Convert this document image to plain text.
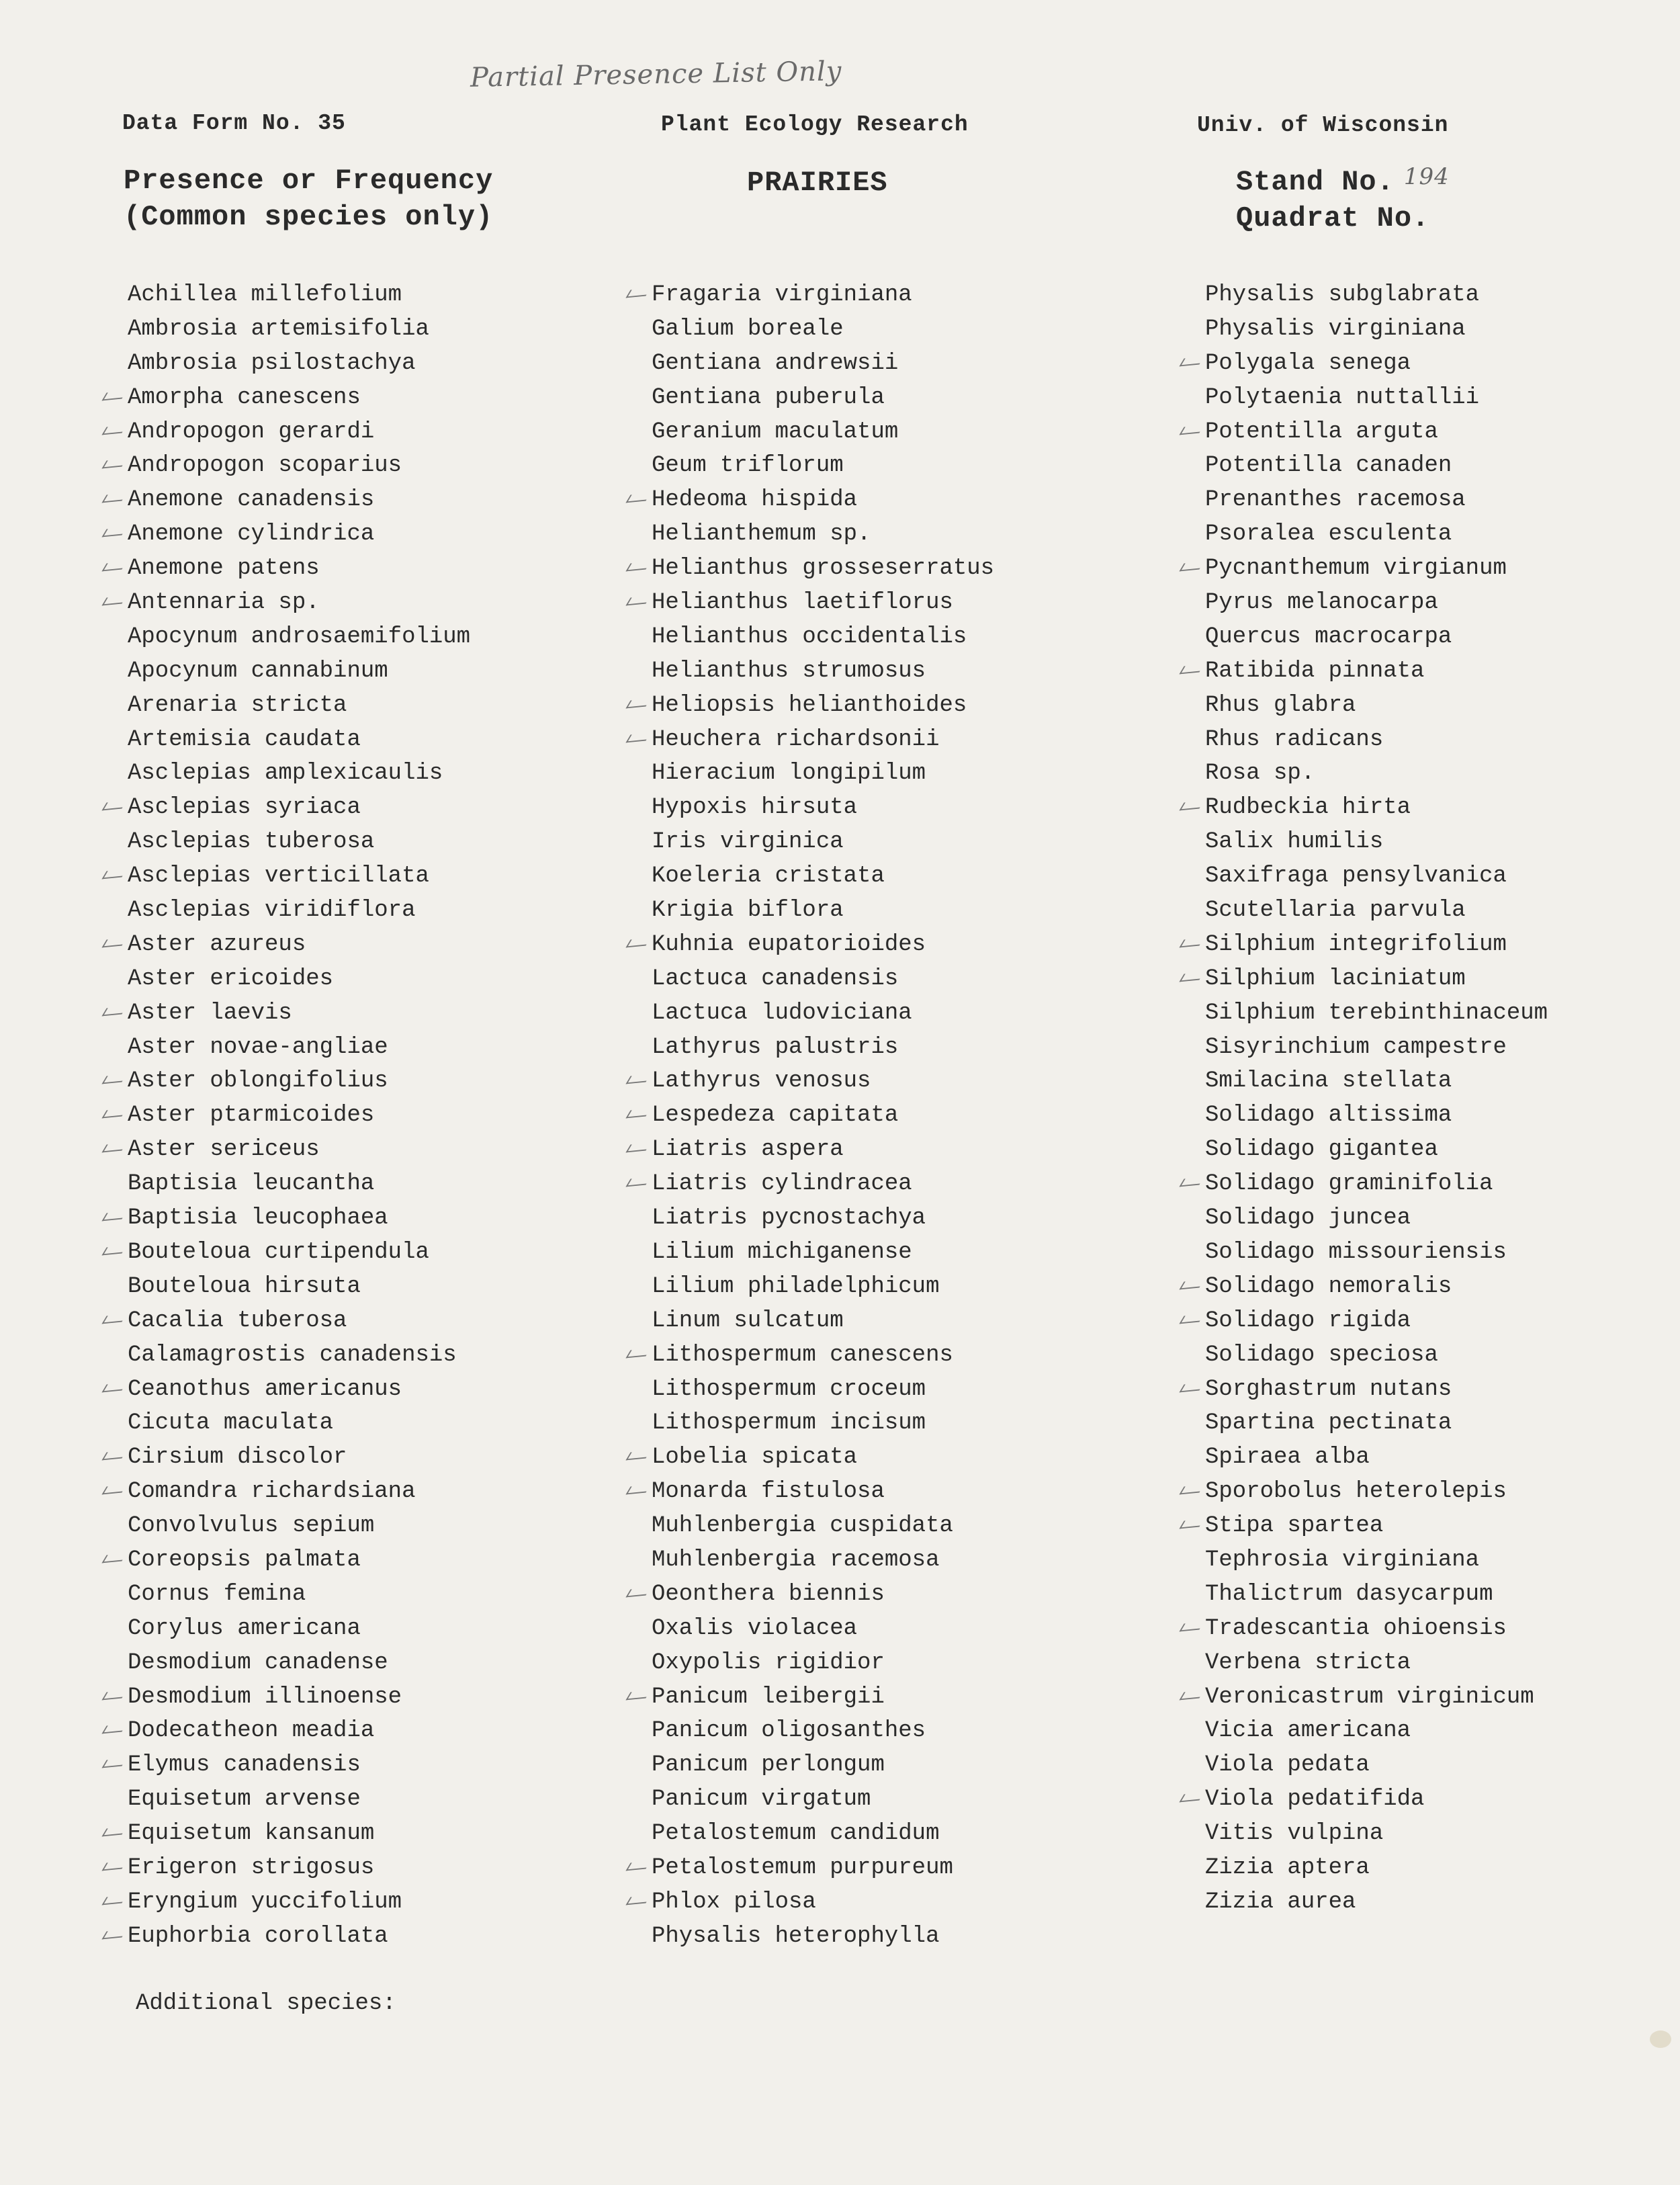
Partial Presence List Only
Data Form No. 35	Plant Ecology Research	Univ. of Wisconsin
Presence or Frequency
(Common species only)
PRAIRIES	Stand No. 194
Quadrat No.
Achillea millefolium
Ambrosia artemisifolia
Ambrosia psilostachya
Amorpha canescens
Andropogon gerardi
Andropogon scoparius
Anemone canadensis
Anemone cylindrica
Anemone patens
Antennaria sp.
Apocynum androsaemifolium
Apocynum cannabinum
Arenaria stricta
Artemisia caudata
Asclepias amplexicaulis
Asclepias syriaca
Asclepias tuberosa
Asclepias verticillata
Asclepias viridiflora
Aster azureus
Aster ericoides
Aster laevis
Aster novae-angliae
Aster oblongifolius
Aster ptarmicoides
Aster sericeus
Baptisia leucantha
Baptisia leucophaea
Bouteloua curtipendula
Bouteloua hirsuta
Cacalia tuberosa
Calamagrostis canadensis
Ceanothus americanus
Cicuta maculata
Cirsium discolor
Comandra richardsiana
Convolvulus sepium
Coreopsis palmata
Cornus femina
Corylus americana
Desmodium canadense
Desmodium illinoense
Dodecatheon meadia
Elymus canadensis
Equisetum arvense
Equisetum kansanum
Erigeron strigosus
Eryngium yuccifolium
Euphorbia corollata
Fragaria virginiana
Galium boreale
Gentiana andrewsii
Gentiana puberula
Geranium maculatum
Geum triflorum
Hedeoma hispida
Helianthemum sp.
Helianthus grosseserratus
Helianthus laetiflorus
Helianthus occidentalis
Helianthus strumosus
Heliopsis helianthoides
Heuchera richardsonii
Hieracium longipilum
Hypoxis hirsuta
Iris virginica
Koeleria cristata
Krigia biflora
Kuhnia eupatorioides
Lactuca canadensis
Lactuca ludoviciana
Lathyrus palustris
Lathyrus venosus
Lespedeza capitata
Liatris aspera
Liatris cylindracea
Liatris pycnostachya
Lilium michiganense
Lilium philadelphicum
Linum sulcatum
Lithospermum canescens
Lithospermum croceum
Lithospermum incisum
Lobelia spicata
Monarda fistulosa
Muhlenbergia cuspidata
Muhlenbergia racemosa
Oeonthera biennis
Oxalis violacea
Oxypolis rigidior
Panicum leibergii
Panicum oligosanthes
Panicum perlongum
Panicum virgatum
Petalostemum candidum
Petalostemum purpureum
Phlox pilosa
Physalis heterophylla
Physalis subglabrata
Physalis virginiana
Polygala senega
Polytaenia nuttallii
Potentilla arguta
Potentilla canaden
Prenanthes racemosa
Psoralea esculenta
Pycnanthemum virgianum
Pyrus melanocarpa
Quercus macrocarpa
Ratibida pinnata
Rhus glabra
Rhus radicans
Rosa sp.
Rudbeckia hirta
Salix humilis
Saxifraga pensylvanica
Scutellaria parvula
Silphium integrifolium
Silphium laciniatum
Silphium terebinthinaceum
Sisyrinchium campestre
Smilacina stellata
Solidago altissima
Solidago gigantea
Solidago graminifolia
Solidago juncea
Solidago missouriensis
Solidago nemoralis
Solidago rigida
Solidago speciosa
Sorghastrum nutans
Spartina pectinata
Spiraea alba
Sporobolus heterolepis
Stipa spartea
Tephrosia virginiana
Thalictrum dasycarpum
Tradescantia ohioensis
Verbena stricta
Veronicastrum virginicum
Vicia americana
Viola pedata
Viola pedatifida
Vitis vulpina
Zizia aptera
Zizia aurea
Additional species:
